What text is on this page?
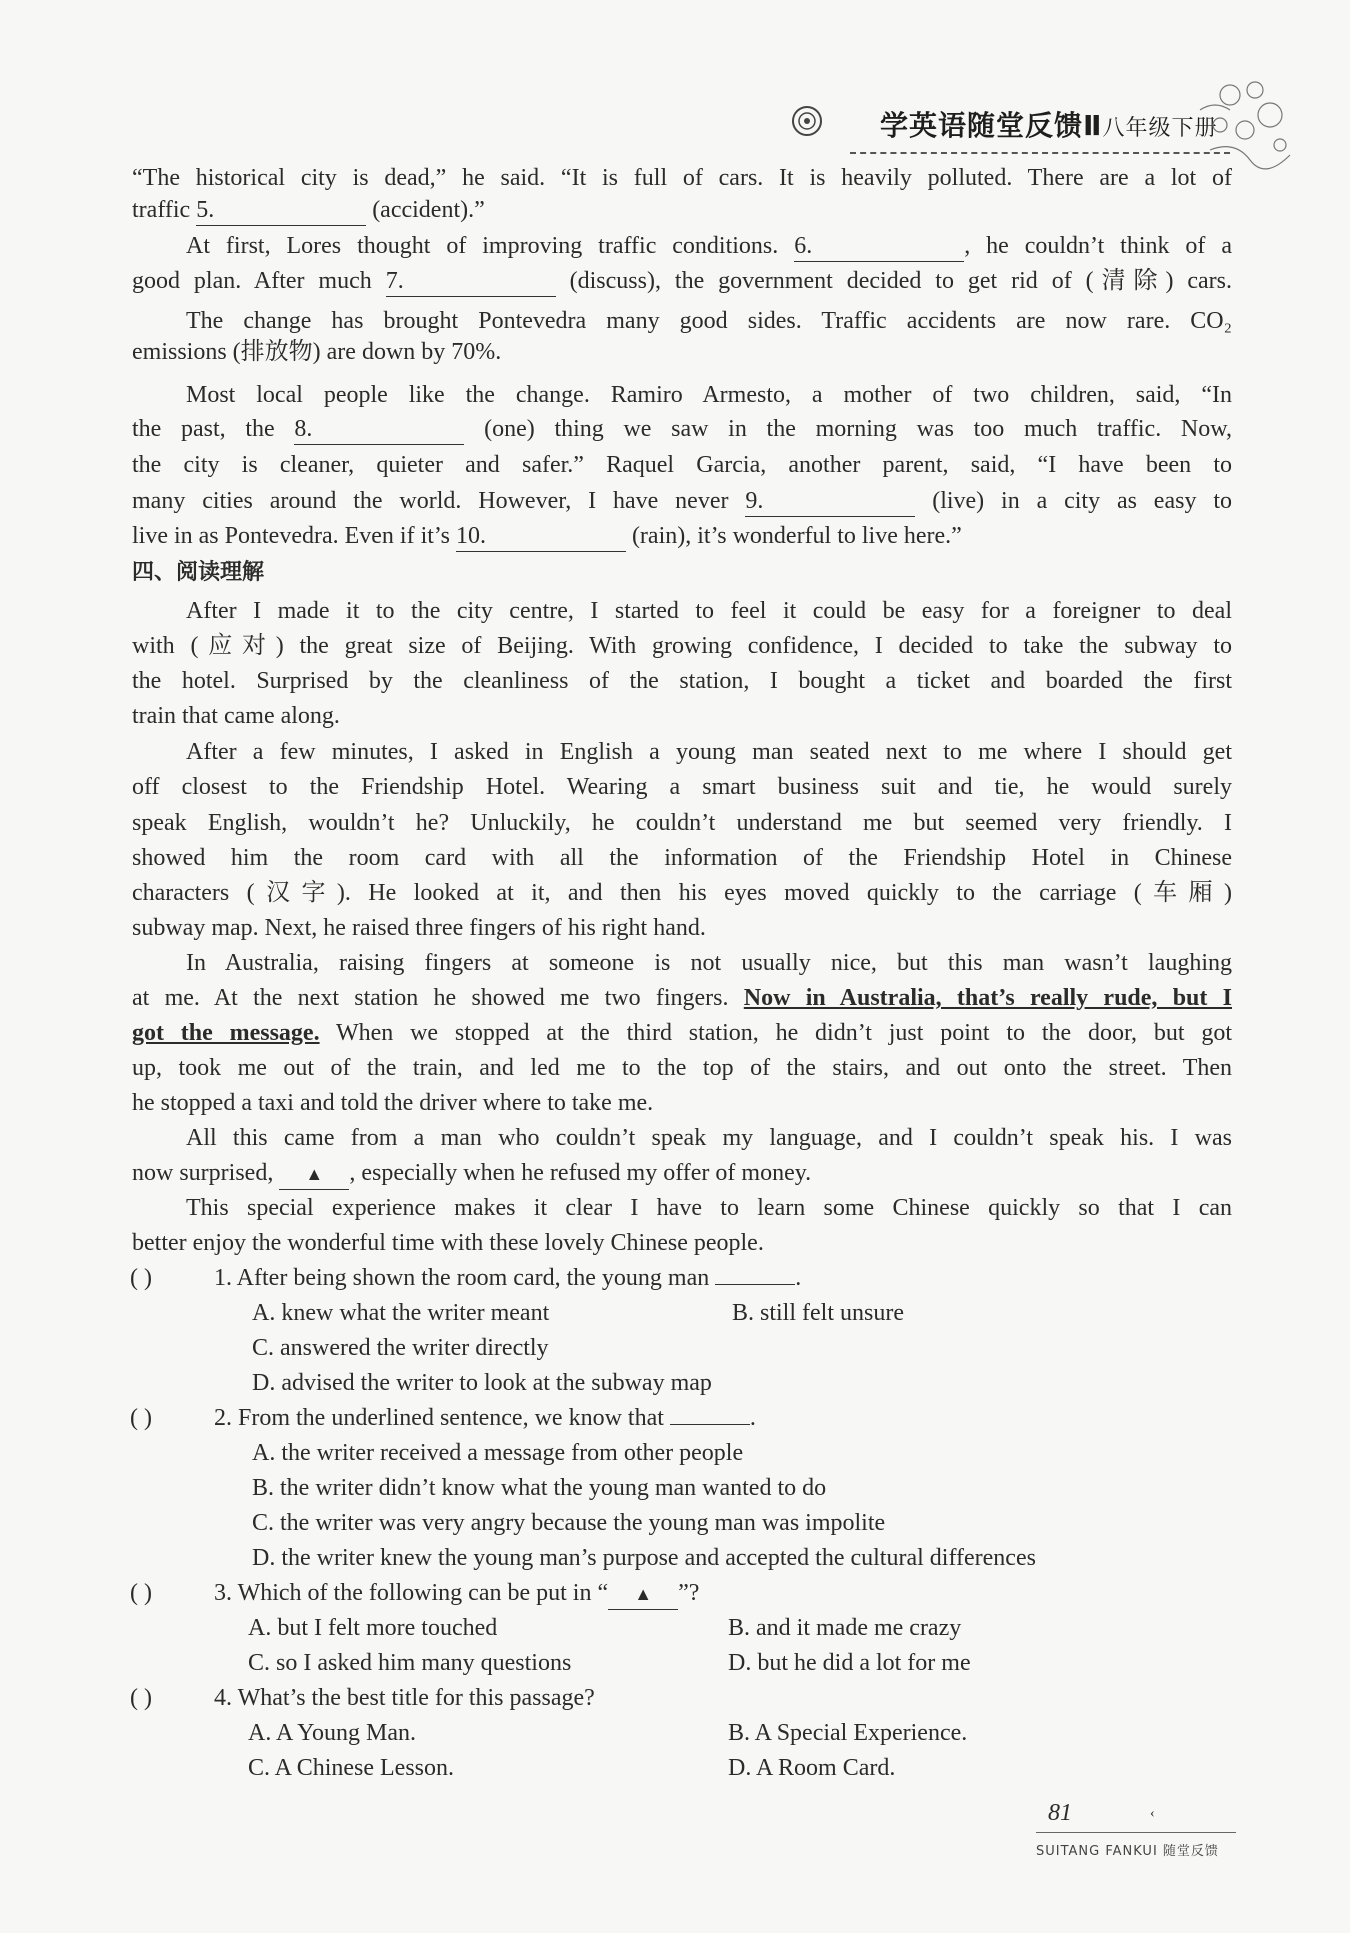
学英语随堂反馈Ⅱ八年级下册
“The historical city is dead,” he said. “It is full of cars. It is heavily polluted. There are a lot of
traffic 5.	(accident).”
At first, Lores thought of improving traffic conditions. 6.	, he couldn’t think of a
good plan. After much 7.	(discuss), the government decided to get rid of (清除) cars.
The change has brought Pontevedra many good sides. Traffic accidents are now rare. CO₂
emissions (排放物) are down by 70%.
Most local people like the change. Ramiro Armesto, a mother of two children, said, “In
the past, the 8.	(one) thing we saw in the morning was too much traffic. Now,
the city is cleaner, quieter and safer.” Raquel Garcia, another parent, said, “I have been to
many cities around the world. However, I have never 9.	(live) in a city as easy to
live in as Pontevedra. Even if it’s 10.	(rain), it’s wonderful to live here.”
四、阅读理解
After I made it to the city centre, I started to feel it could be easy for a foreigner to deal
with (应对) the great size of Beijing. With growing confidence, I decided to take the subway to
the hotel. Surprised by the cleanliness of the station, I bought a ticket and boarded the first
train that came along.
After a few minutes, I asked in English a young man seated next to me where I should get
off closest to the Friendship Hotel. Wearing a smart business suit and tie, he would surely
speak English, wouldn’t he? Unluckily, he couldn’t understand me but seemed very friendly. I
showed him the room card with all the information of the Friendship Hotel in Chinese
characters (汉字). He looked at it, and then his eyes moved quickly to the carriage (车厢)
subway map. Next, he raised three fingers of his right hand.
In Australia, raising fingers at someone is not usually nice, but this man wasn’t laughing
at me. At the next station he showed me two fingers. Now in Australia, that’s really rude, but I
got the message. When we stopped at the third station, he didn’t just point to the door, but got
up, took me out of the train, and led me to the top of the stairs, and out onto the street. Then
he stopped a taxi and told the driver where to take me.
All this came from a man who couldn’t speak my language, and I couldn’t speak his. I was
now surprised, ▲ , especially when he refused my offer of money.
This special experience makes it clear I have to learn some Chinese quickly so that I can
better enjoy the wonderful time with these lovely Chinese people.
( )	1. After being shown the room card, the young man	.
A. knew what the writer meant	B. still felt unsure
C. answered the writer directly
D. advised the writer to look at the subway map
( )	2. From the underlined sentence, we know that	.
A. the writer received a message from other people
B. the writer didn’t know what the young man wanted to do
C. the writer was very angry because the young man was impolite
D. the writer knew the young man’s purpose and accepted the cultural differences
( )	3. Which of the following can be put in “ ▲ ”?
A. but I felt more touched	B. and it made me crazy
C. so I asked him many questions	D. but he did a lot for me
( )	4. What’s the best title for this passage?
A. A Young Man.	B. A Special Experience.
C. A Chinese Lesson.	D. A Room Card.
81	‹
SUITANG FANKUI 随堂反馈
